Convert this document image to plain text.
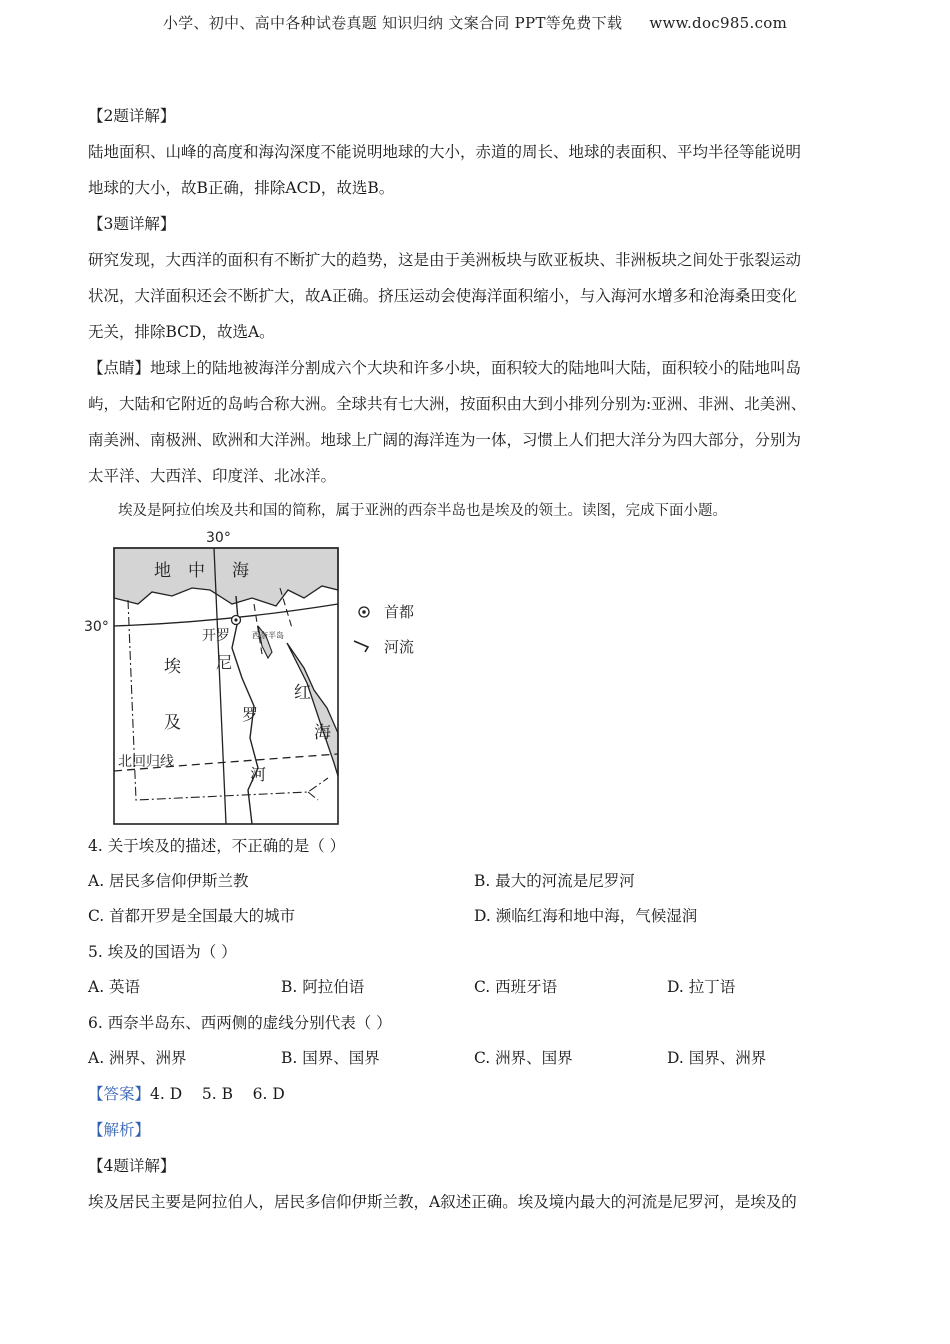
小学、初中、高中各种试卷真题 知识归纳 文案合同 PPT等免费下载 www.doc985.com
【2题详解】
陆地面积、山峰的高度和海沟深度不能说明地球的大小，赤道的周长、地球的表面积、平均半径等能说明
地球的大小，故B正确，排除ACD，故选B。
【3题详解】
研究发现，大西洋的面积有不断扩大的趋势，这是由于美洲板块与欧亚板块、非洲板块之间处于张裂运动
状况，大洋面积还会不断扩大，故A正确。挤压运动会使海洋面积缩小，与入海河水增多和沧海桑田变化
无关，排除BCD，故选A。
【点睛】地球上的陆地被海洋分割成六个大块和许多小块，面积较大的陆地叫大陆，面积较小的陆地叫岛
屿，大陆和它附近的岛屿合称大洲。全球共有七大洲，按面积由大到小排列分别为:亚洲、非洲、北美洲、
南美洲、南极洲、欧洲和大洋洲。地球上广阔的海洋连为一体，习惯上人们把大洋分为四大部分，分别为
太平洋、大西洋、印度洋、北冰洋。
埃及是阿拉伯埃及共和国的简称，属于亚洲的西奈半岛也是埃及的领土。读图，完成下面小题。
30°
30°
地 中 海
开罗	西奈半岛
埃
及
尼
罗
河
红
海
北回归线
首都
河流
4. 关于埃及的描述，不正确的是（ ）
A. 居民多信仰伊斯兰教	B. 最大的河流是尼罗河
C. 首都开罗是全国最大的城市	D. 濒临红海和地中海，气候湿润
5. 埃及的国语为（ ）
A. 英语	B. 阿拉伯语	C. 西班牙语	D. 拉丁语
6. 西奈半岛东、西两侧的虚线分别代表（ ）
A. 洲界、洲界	B. 国界、国界	C. 洲界、国界	D. 国界、洲界
【答案】4. D    5. B    6. D
【解析】
【4题详解】
埃及居民主要是阿拉伯人，居民多信仰伊斯兰教，A叙述正确。埃及境内最大的河流是尼罗河，是埃及的
